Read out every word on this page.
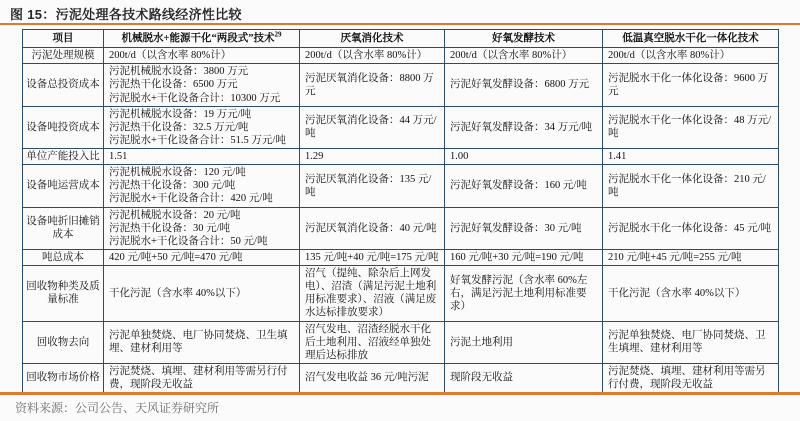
图 15：污泥处理各技术路线经济性比较
项目	机械脱水+能源干化“两段式”技术$^{29}$	厌氧消化技术	好氧发酵技术	低温真空脱水干化一体化技术
污泥处理规模	200t/d（以含水率 80%计）	200t/d（以含水率 80%计）	200t/d（以含水率 80%计）	200t/d（以含水率 80%计）

设备总投资成本	污泥机械脱水设备：3800 万元
污泥热干化设备：6500 万元
污泥脱水+干化设备合计：10300 万元	污泥厌氧消化设备：8800 万元	污泥好氧发酵设备：6800 万元	污泥脱水干化一体化设备：9600 万元

设备吨投资成本	污泥机械脱水设备：19 万元/吨
污泥热干化设备：32.5 万元/吨
污泥脱水+干化设备合计：51.5 万元/吨	污泥厌氧消化设备：44 万元/吨	污泥好氧发酵设备：34 万元/吨	污泥脱水干化一体化设备：48 万元/吨

单位产能投入比	1.51	1.29	1.00	1.41

设备吨运营成本	污泥机械脱水设备：120 元/吨
污泥热干化设备：300 元/吨
污泥脱水+干化设备合计：420 元/吨	污泥厌氧消化设备：135 元/吨	污泥好氧发酵设备：160 元/吨	污泥脱水干化一体化设备：210 元/吨

设备吨折旧摊销成本	污泥机械脱水设备：20 元/吨
污泥热干化设备：30 元/吨
污泥脱水+干化设备合计：50 元/吨	污泥厌氧消化设备：40 元/吨	污泥好氧发酵设备：30 元/吨	污泥脱水干化一体化设备：45 元/吨

吨总成本	420 元/吨+50 元/吨=470 元/吨	135 元/吨+40 元/吨=175 元/吨	160 元/吨+30 元/吨=190 元/吨	210 元/吨+45 元/吨=255 元/吨

回收物种类及质量标准	干化污泥（含水率 40%以下）	沼气（提纯、除杂后上网发电）、沼渣（满足污泥土地利用标准要求）、沼液（满足废水达标排放要求）	好氧发酵污泥（含水率 60%左右，满足污泥土地利用标准要求）	干化污泥（含水率 40%以下）

回收物去向	污泥单独焚烧、电厂协同焚烧、卫生填埋、建材利用等	沼气发电、沼渣经脱水干化后土地利用、沼液经单独处理后达标排放	污泥土地利用	污泥单独焚烧、电厂协同焚烧、卫生填埋、建材利用等

回收物市场价格	污泥焚烧、填埋、建材利用等需另行付费，现阶段无收益	沼气发电收益 36 元/吨污泥	现阶段无收益	污泥焚烧、填埋、建材利用等需另行付费，现阶段无收益
资料来源：公司公告、天风证券研究所
